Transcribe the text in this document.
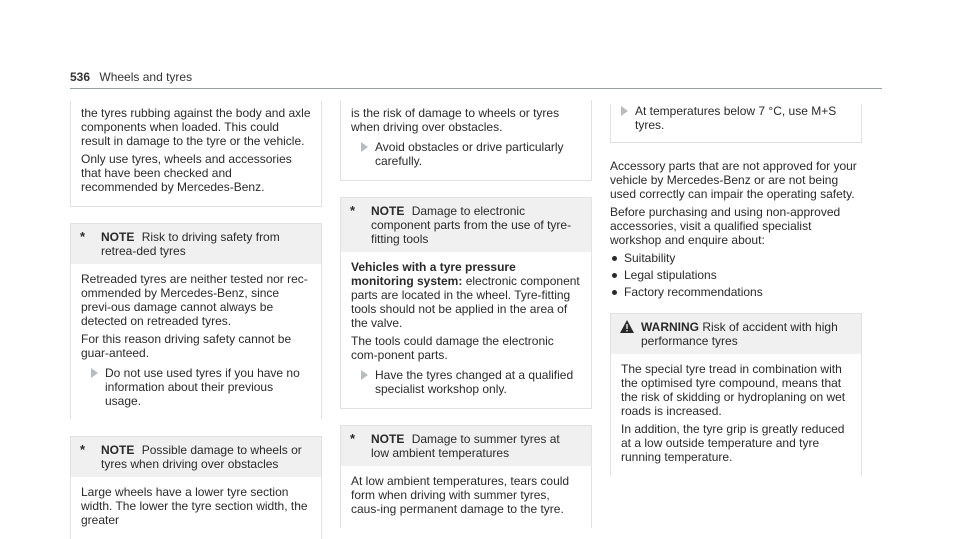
536 Wheels and tyres

the tyres rubbing against the body and axle components when loaded. This could result in damage to the tyre or the vehicle.

Only use tyres, wheels and accessories that have been checked and recommended by Mercedes-Benz.

* NOTE Risk to driving safety from retrea-ded tyres

Retreaded tyres are neither tested nor rec-ommended by Mercedes-Benz, since previ-ous damage cannot always be detected on retreaded tyres.

For this reason driving safety cannot be guar-anteed.

Do not use used tyres if you have no information about their previous usage.
* NOTE Possible damage to wheels or tyres when driving over obstacles

Large wheels have a lower tyre section width. The lower the tyre section width, the greater

is the risk of damage to wheels or tyres when driving over obstacles.

Avoid obstacles or drive particularly carefully.
* NOTE Damage to electronic component parts from the use of tyre-fitting tools

Vehicles with a tyre pressure monitoring system: electronic component parts are located in the wheel. Tyre-fitting tools should not be applied in the area of the valve.

The tools could damage the electronic com-ponent parts.

Have the tyres changed at a qualified specialist workshop only.
* NOTE Damage to summer tyres at low ambient temperatures

At low ambient temperatures, tears could form when driving with summer tyres, caus-ing permanent damage to the tyre.

At temperatures below 7 °C, use M+S tyres.

Accessory parts that are not approved for your vehicle by Mercedes-Benz or are not being used correctly can impair the operating safety.

Before purchasing and using non-approved accessories, visit a qualified specialist workshop and enquire about:

Suitability
Legal stipulations
Factory recommendations
WARNING Risk of accident with high performance tyres

The special tyre tread in combination with the optimised tyre compound, means that the risk of skidding or hydroplaning on wet roads is increased.

In addition, the tyre grip is greatly reduced at a low outside temperature and tyre running temperature.
